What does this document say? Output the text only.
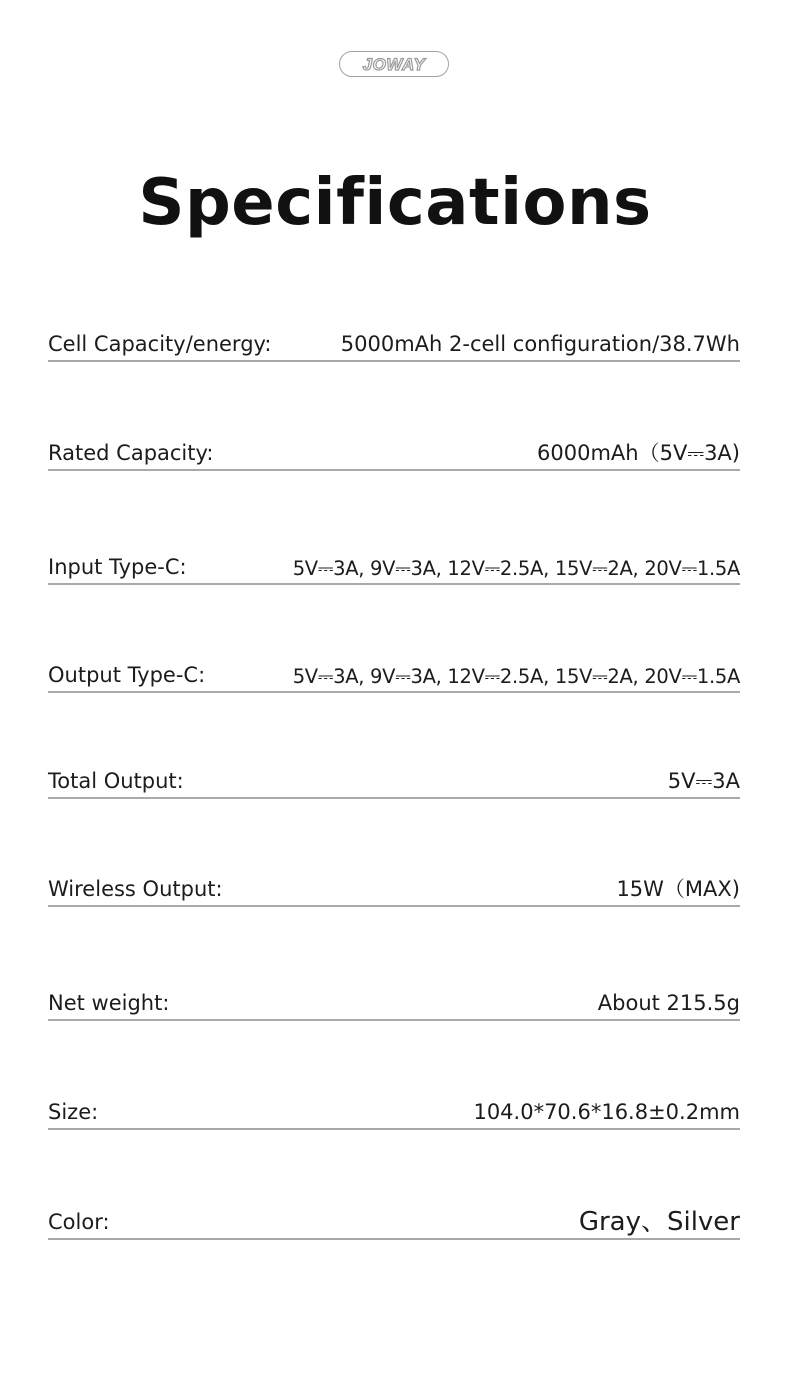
JOWAY
Specifications
Cell Capacity/energy:	5000mAh 2-cell configuration/38.7Wh
Rated Capacity:	6000mAh（5V⎓3A)
Input Type-C:	5V⎓3A, 9V⎓3A, 12V⎓2.5A, 15V⎓2A, 20V⎓1.5A
Output Type-C:	5V⎓3A, 9V⎓3A, 12V⎓2.5A, 15V⎓2A, 20V⎓1.5A
Total Output:	5V⎓3A
Wireless Output:	15W（MAX)
Net weight:	About 215.5g
Size:	104.0*70.6*16.8±0.2mm
Color:	Gray、Silver
